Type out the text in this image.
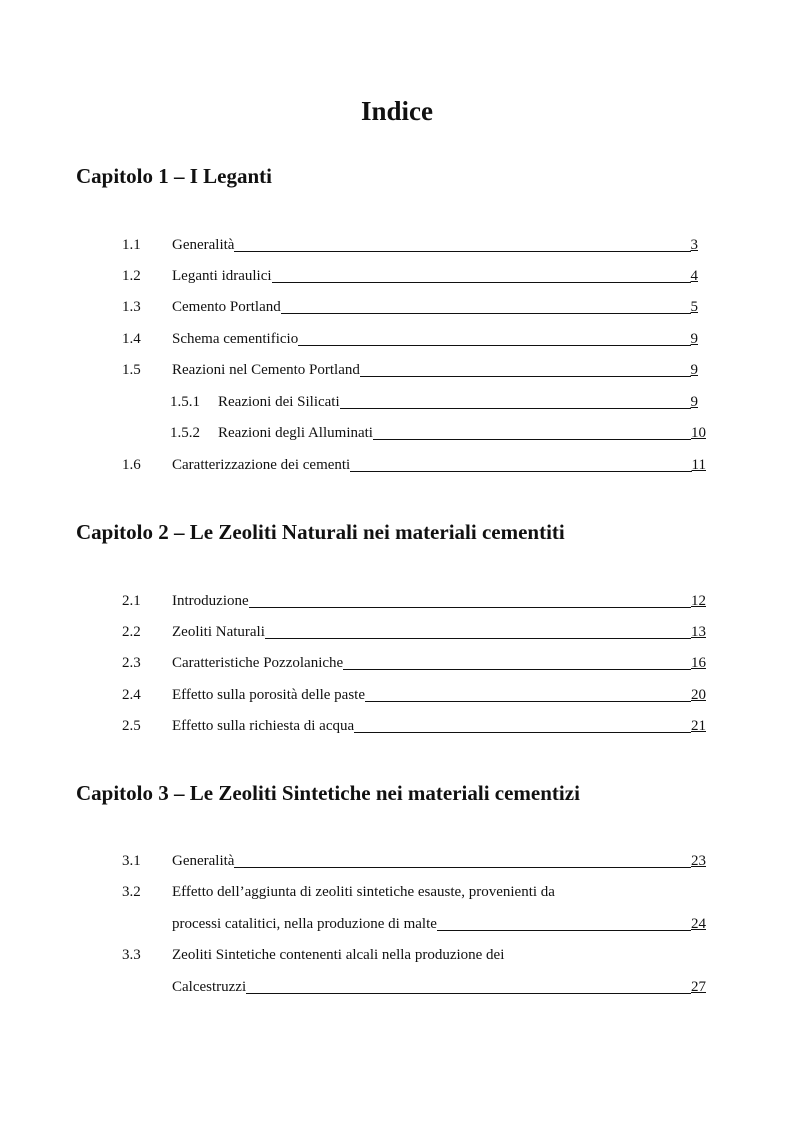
Indice
Capitolo 1 – I Leganti
1.1 Generalità	3
1.2 Leganti idraulici	4
1.3 Cemento Portland	5
1.4 Schema cementificio	9
1.5 Reazioni nel Cemento Portland	9
1.5.1 Reazioni dei Silicati	9
1.5.2 Reazioni degli Alluminati	10
1.6 Caratterizzazione dei cementi	11
Capitolo 2 – Le Zeoliti Naturali nei materiali cementiti
2.1 Introduzione	12
2.2 Zeoliti Naturali	13
2.3 Caratteristiche Pozzolaniche	16
2.4 Effetto sulla porosità delle paste	20
2.5 Effetto sulla richiesta di acqua	21
Capitolo 3 – Le Zeoliti Sintetiche nei materiali cementizi
3.1 Generalità	23
3.2 Effetto dell’aggiunta di zeoliti sintetiche esauste, provenienti da
processi catalitici, nella produzione di malte	24
3.3 Zeoliti Sintetiche contenenti alcali nella produzione dei
Calcestruzzi	27
